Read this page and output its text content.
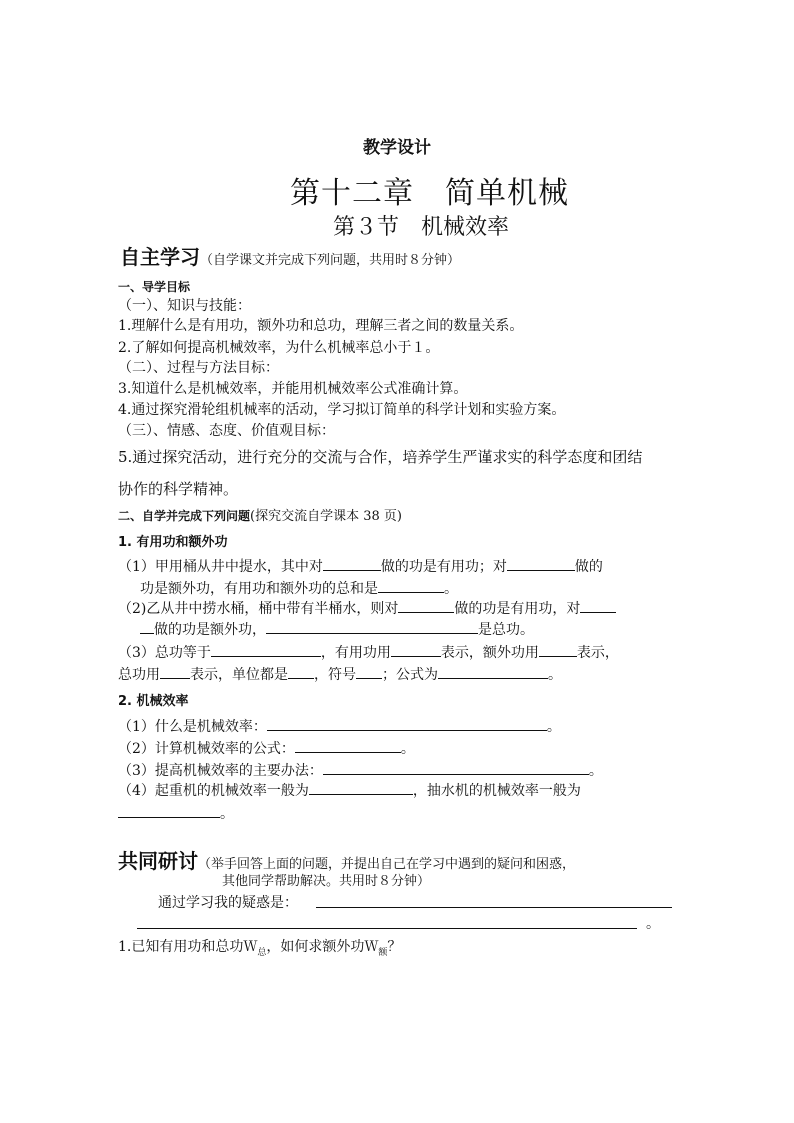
教学设计
第十二章　简单机械
第３节　机械效率
自主学习（自学课文并完成下列问题，共用时８分钟）
一、导学目标
（一）、知识与技能：
1.理解什么是有用功，额外功和总功，理解三者之间的数量关系。
2.了解如何提高机械效率，为什么机械率总小于１。
（二）、过程与方法目标：
3.知道什么是机械效率，并能用机械效率公式准确计算。
4.通过探究滑轮组机械率的活动，学习拟订简单的科学计划和实验方案。
（三）、情感、态度、价值观目标：
5.通过探究活动，进行充分的交流与合作，培养学生严谨求实的科学态度和团结
协作的科学精神。
二、自学并完成下列问题(探究交流自学课本 38 页)
1. 有用功和额外功
（1）甲用桶从井中提水，其中对	做的功是有用功；对	做的
功是额外功，有用功和额外功的总和是	。
（2)乙从井中捞水桶，桶中带有半桶水，则对	做的功是有用功，对
做的功是额外功，	是总功。
（3）总功等于	，有用功用	表示，额外功用	表示，
总功用 表示，单位都是 ，符号 ；公式为	。
2. 机械效率
（1）什么是机械效率：	。
（2）计算机械效率的公式：	。
（3）提高机械效率的主要办法：	。
（4）起重机的机械效率一般为	，抽水机的机械效率一般为
。
共同研讨（举手回答上面的问题，并提出自己在学习中遇到的疑问和困惑，
其他同学帮助解决。共用时８分钟）
通过学习我的疑惑是：
。
1.已知有用功和总功Ｗ$_总$，如何求额外功Ｗ$_额$？
